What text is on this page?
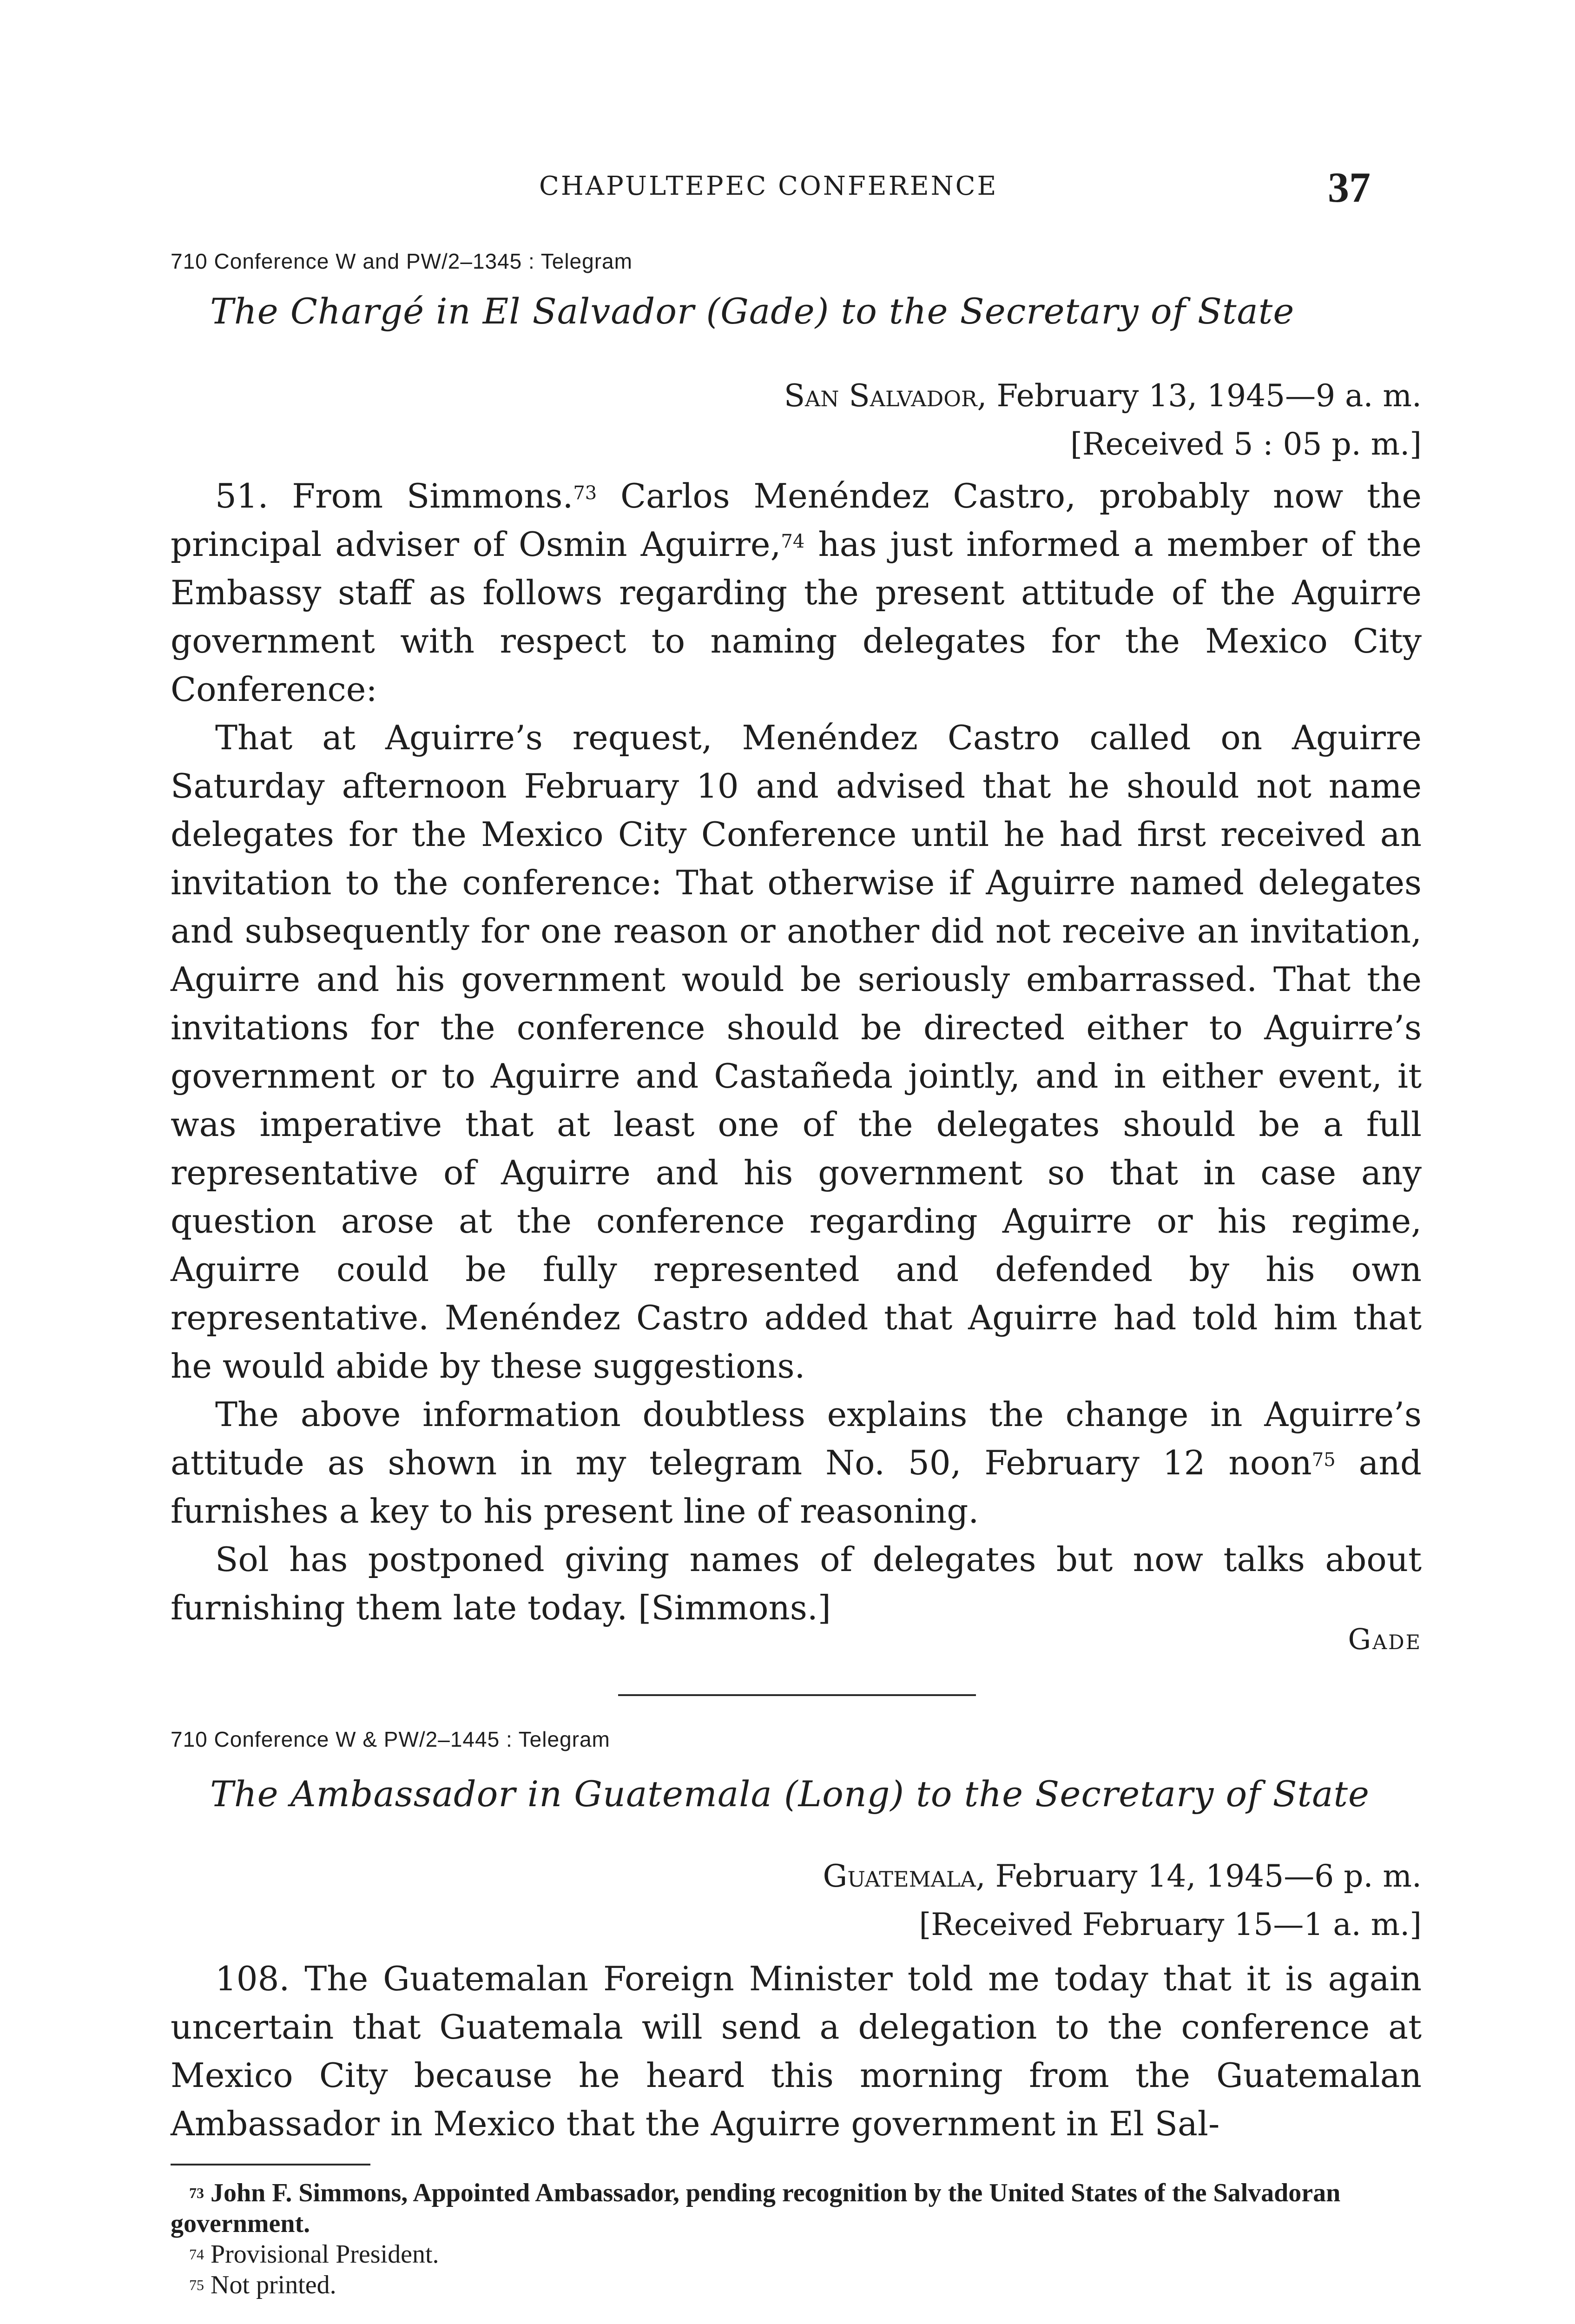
CHAPULTEPEC CONFERENCE	37
710 Conference W and PW/2–1345 : Telegram
The Chargé in El Salvador (Gade) to the Secretary of State
San Salvador, February 13, 1945—9 a. m.
[Received 5 : 05 p. m.]

51. From Simmons.$^{73}$ Carlos Menéndez Castro, probably now the principal adviser of Osmin Aguirre,$^{74}$ has just informed a member of the Embassy staff as follows regarding the present attitude of the Aguirre government with respect to naming delegates for the Mexico City Conference:

That at Aguirre’s request, Menéndez Castro called on Aguirre Saturday afternoon February 10 and advised that he should not name delegates for the Mexico City Conference until he had first received an invitation to the conference: That otherwise if Aguirre named delegates and subsequently for one reason or another did not receive an invitation, Aguirre and his government would be seriously embarrassed. That the invitations for the conference should be directed either to Aguirre’s government or to Aguirre and Castañeda jointly, and in either event, it was imperative that at least one of the delegates should be a full representative of Aguirre and his government so that in case any question arose at the conference regarding Aguirre or his regime, Aguirre could be fully represented and defended by his own representative. Menéndez Castro added that Aguirre had told him that he would abide by these suggestions.

The above information doubtless explains the change in Aguirre’s attitude as shown in my telegram No. 50, February 12 noon$^{75}$ and furnishes a key to his present line of reasoning.

Sol has postponed giving names of delegates but now talks about furnishing them late today. [Simmons.]

Gade
710 Conference W & PW/2–1445 : Telegram
The Ambassador in Guatemala (Long) to the Secretary of State
Guatemala, February 14, 1945—6 p. m.
[Received February 15—1 a. m.]

108. The Guatemalan Foreign Minister told me today that it is again uncertain that Guatemala will send a delegation to the conference at Mexico City because he heard this morning from the Guatemalan Ambassador in Mexico that the Aguirre government in El Sal-

$^{73}$ John F. Simmons, Appointed Ambassador, pending recognition by the United States of the Salvadoran government.
$^{74}$ Provisional President.
$^{75}$ Not printed.
